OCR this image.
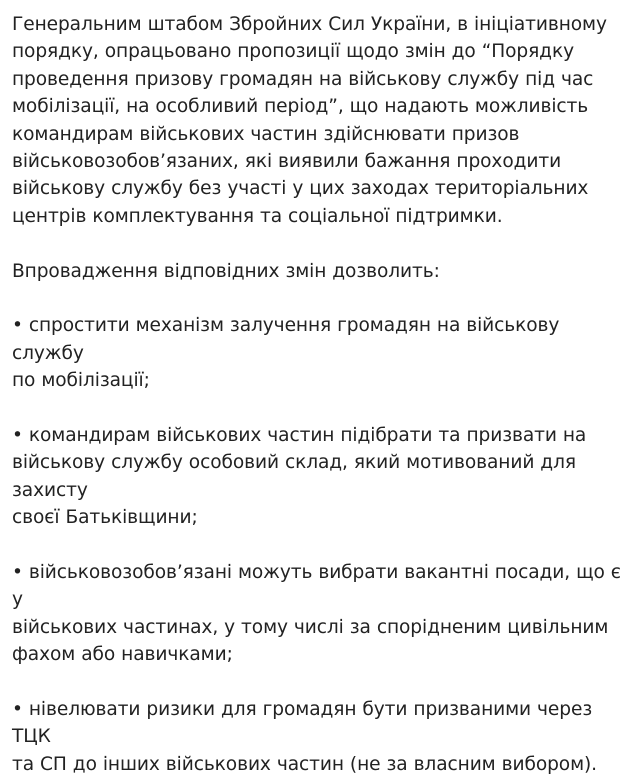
Генеральним штабом Збройних Сил України, в ініціативному
порядку, опрацьовано пропозиції щодо змін до “Порядку
проведення призову громадян на військову службу під час
мобілізації, на особливий період”, що надають можливість
командирам військових частин здійснювати призов
військовозобов’язаних, які виявили бажання проходити
військову службу без участі у цих заходах територіальних
центрів комплектування та соціальної підтримки.

Впровадження відповідних змін дозволить:

• спростити механізм залучення громадян на військову службу
по мобілізації;

• командирам військових частин підібрати та призвати на
військову службу особовий склад, який мотивований для захисту
своєї Батьківщини;

• військовозобов’язані можуть вибрати вакантні посади, що є у
військових частинах, у тому числі за спорідненим цивільним
фахом або навичками;

• нівелювати ризики для громадян бути призваними через ТЦК
та СП до інших військових частин (не за власним вибором).
